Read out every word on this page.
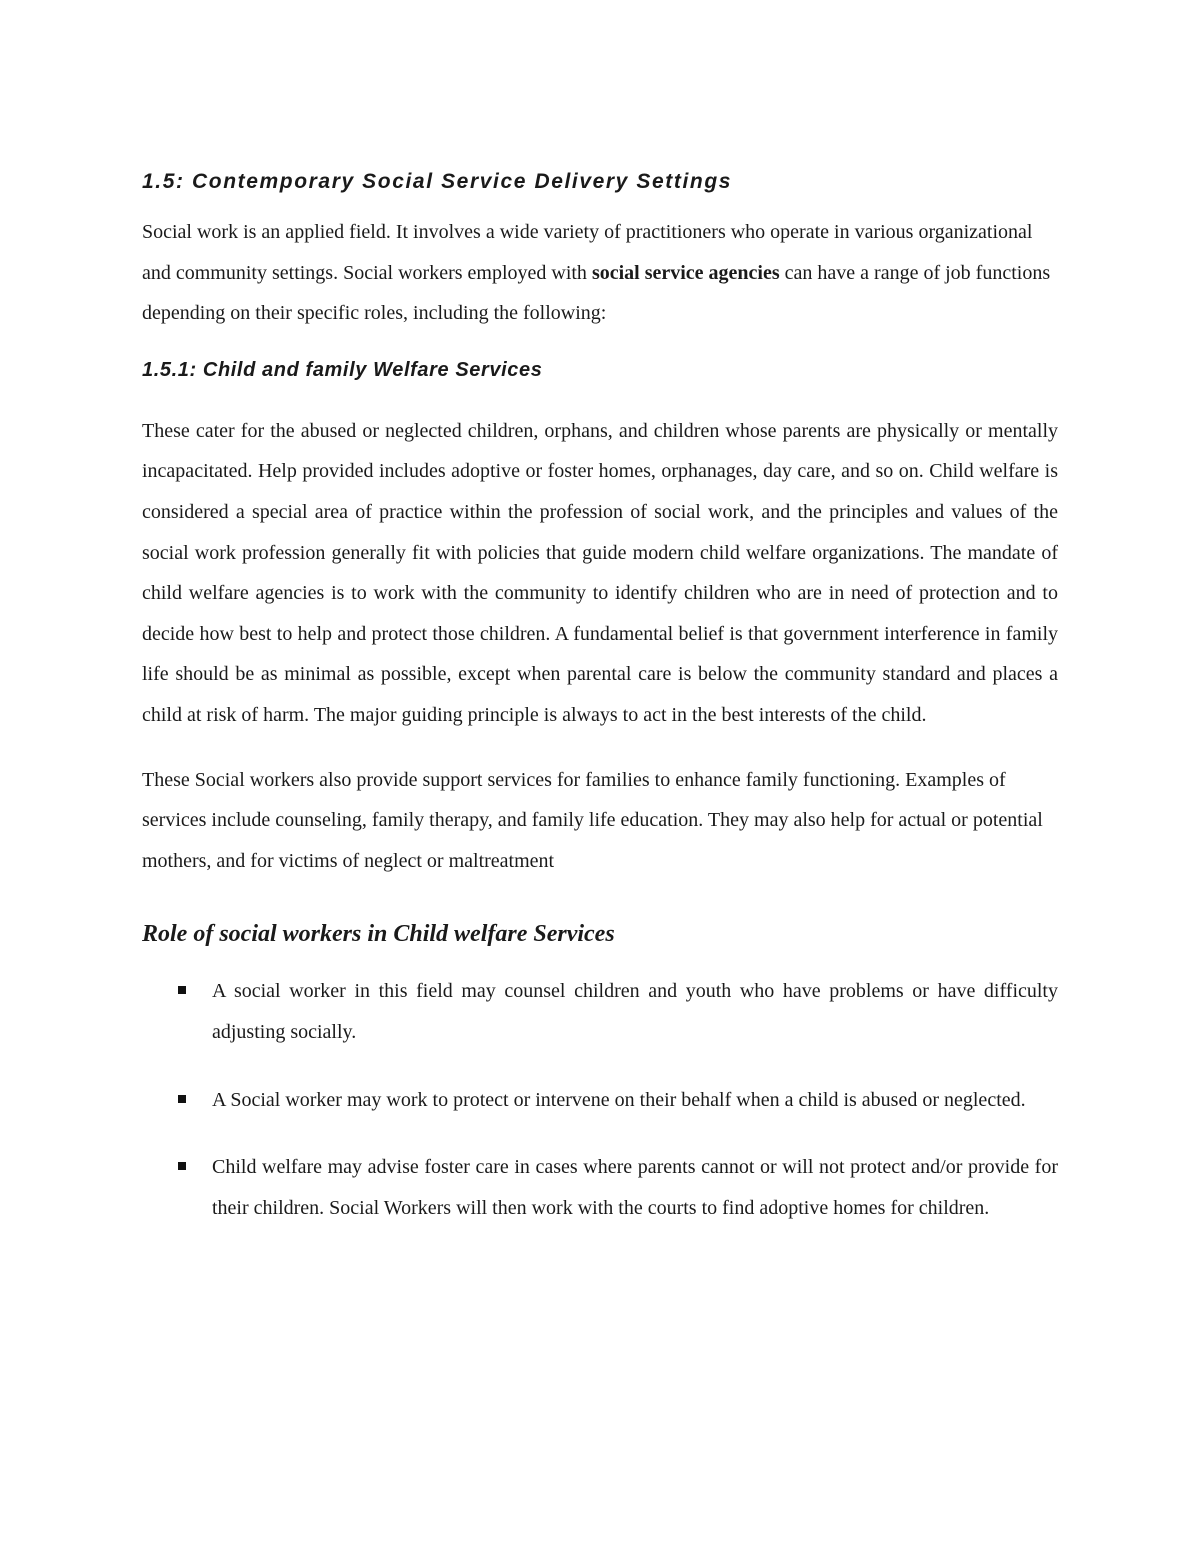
1.5: Contemporary Social Service Delivery Settings

Social work is an applied field. It involves a wide variety of practitioners who operate in various organizational and community settings. Social workers employed with social service agencies can have a range of job functions depending on their specific roles, including the following:

1.5.1: Child and family Welfare Services

These cater for the abused or neglected children, orphans, and children whose parents are physically or mentally incapacitated. Help provided includes adoptive or foster homes, orphanages, day care, and so on. Child welfare is considered a special area of practice within the profession of social work, and the principles and values of the social work profession generally fit with policies that guide modern child welfare organizations. The mandate of child welfare agencies is to work with the community to identify children who are in need of protection and to decide how best to help and protect those children. A fundamental belief is that government interference in family life should be as minimal as possible, except when parental care is below the community standard and places a child at risk of harm. The major guiding principle is always to act in the best interests of the child.

These Social workers also provide support services for families to enhance family functioning. Examples of services include counseling, family therapy, and family life education. They may also help for actual or potential mothers, and for victims of neglect or maltreatment

Role of social workers in Child welfare Services

A social worker in this field may counsel children and youth who have problems or have difficulty adjusting socially.

A Social worker may work to protect or intervene on their behalf when a child is abused or neglected.

Child welfare may advise foster care in cases where parents cannot or will not protect and/or provide for their children. Social Workers will then work with the courts to find adoptive homes for children.
